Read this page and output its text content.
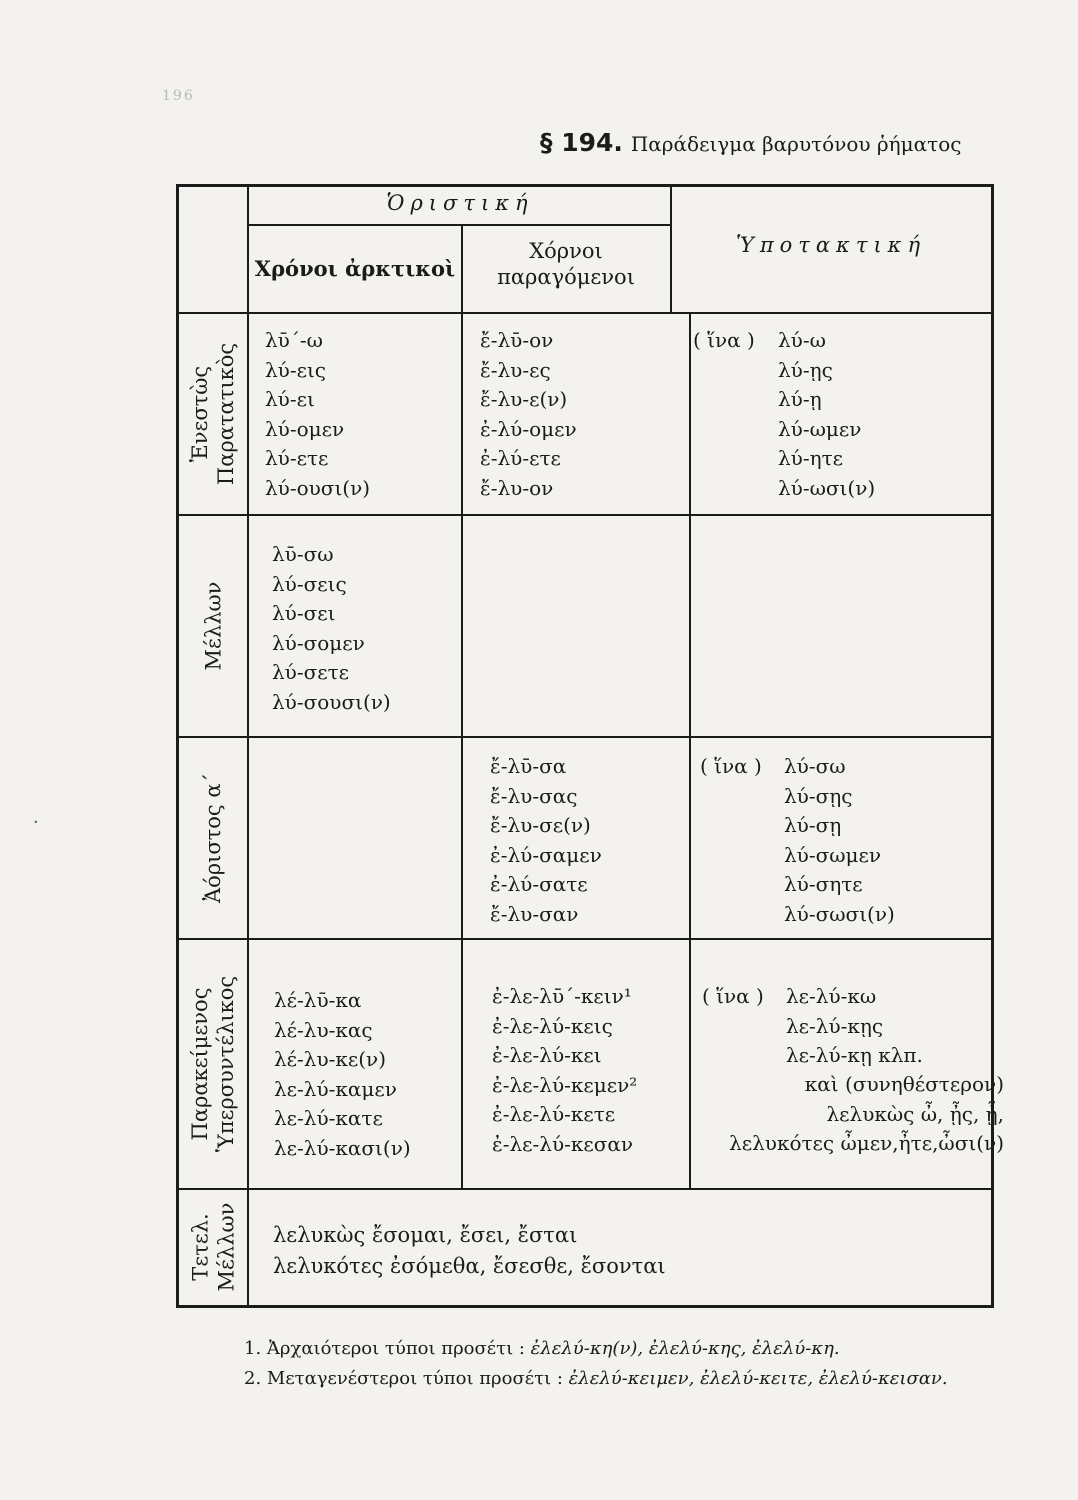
196
§ 194. Παράδειγμα βαρυτόνου ῥήματος
·
Ὁριστική
Χρόνοι ἀρκτικοὶ
Χόρνοι
παραγόμενοι
Ὑποτακτική
Ἐνεστὼς Παρατατικὸς
Μέλλων
Ἀόριστος α΄
Παρακείμενος Ὑπερσυντέλικος
Τετελ. Μέλλων
λῡ΄-ω
λύ-εις
λύ-ει
λύ-ομεν
λύ-ετε
λύ-ουσι(ν)
ἔ-λῡ-ον
ἔ-λυ-ες
ἔ-λυ-ε(ν)
ἐ-λύ-ομεν
ἐ-λύ-ετε
ἔ-λυ-ον
( ἵνα ) λύ-ω
λύ-ῃς
λύ-ῃ
λύ-ωμεν
λύ-ητε
λύ-ωσι(ν)
λῡ-σω
λύ-σεις
λύ-σει
λύ-σομεν
λύ-σετε
λύ-σουσι(ν)
ἔ-λῡ-σα
ἔ-λυ-σας
ἔ-λυ-σε(ν)
ἐ-λύ-σαμεν
ἐ-λύ-σατε
ἔ-λυ-σαν
( ἵνα ) λύ-σω
λύ-σῃς
λύ-σῃ
λύ-σωμεν
λύ-σητε
λύ-σωσι(ν)
λέ-λῡ-κα
λέ-λυ-κας
λέ-λυ-κε(ν)
λε-λύ-καμεν
λε-λύ-κατε
λε-λύ-κασι(ν)
ἐ-λε-λῡ΄-κειν¹
ἐ-λε-λύ-κεις
ἐ-λε-λύ-κει
ἐ-λε-λύ-κεμεν²
ἐ-λε-λύ-κετε
ἐ-λε-λύ-κεσαν
( ἵνα ) λε-λύ-κω
λε-λύ-κῃς
λε-λύ-κῃ κλπ.
καὶ (συνηθέστερον)
λελυκὼς ὦ, ᾖς, ᾖ,
λελυκότες ὦμεν,ἦτε,ὦσι(ν)
λελυκὼς ἔσομαι, ἔσει, ἔσται
λελυκότες ἐσόμεθα, ἔσεσθε, ἔσονται
1. Ἀρχαιότεροι τύποι προσέτι : ἐλελύ-κη(ν), ἐλελύ-κης, ἐλελύ-κη.
2. Μεταγενέστεροι τύποι προσέτι : ἐλελύ-κειμεν, ἐλελύ-κειτε, ἐλελύ-κεισαν.
